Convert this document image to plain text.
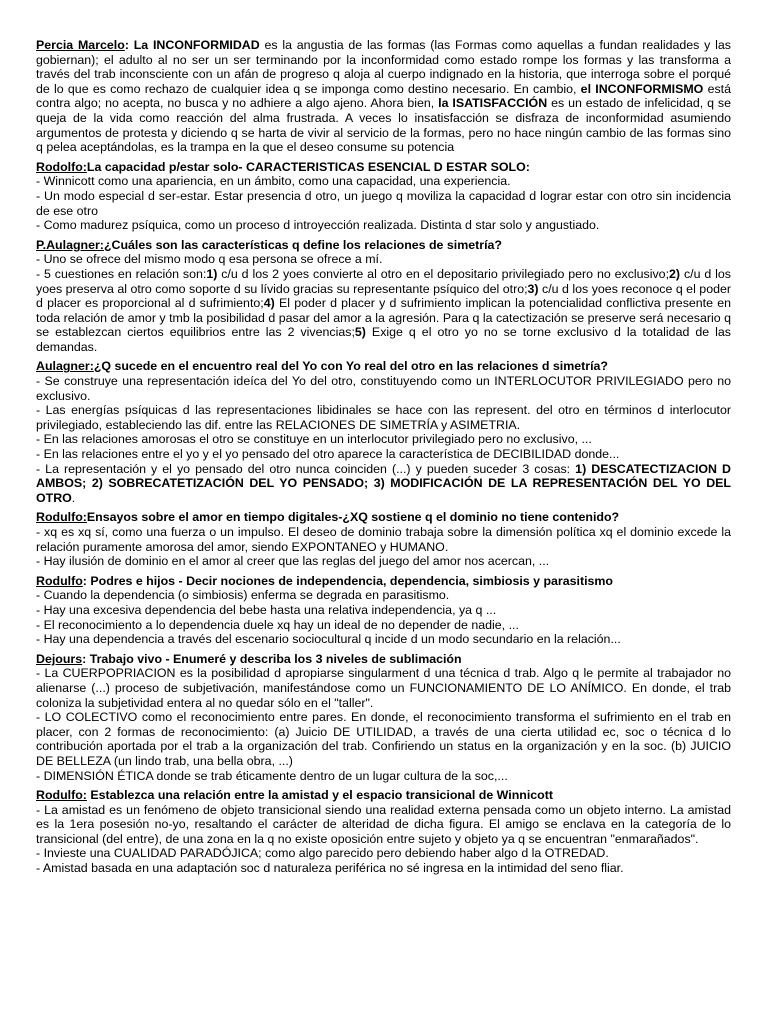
Percia Marcelo: La INCONFORMIDAD es la angustia de las formas (las Formas como aquellas a fundan realidades y las gobiernan); el adulto al no ser un ser terminando por la inconformidad como estado rompe los formas y las transforma a través del trab inconsciente con un afán de progreso q aloja al cuerpo indignado en la historia, que interroga sobre el porqué de lo que es como rechazo de cualquier idea q se imponga como destino necesario. En cambio, el INCONFORMISMO está contra algo; no acepta, no busca y no adhiere a algo ajeno. Ahora bien, la ISATISFACCIÓN es un estado de infelicidad, q se queja de la vida como reacción del alma frustrada. A veces lo insatisfacción se disfraza de inconformidad asumiendo argumentos de protesta y diciendo q se harta de vivir al servicio de la formas, pero no hace ningún cambio de las formas sino q pelea aceptándolas, es la trampa en la que el deseo consume su potencia

Rodolfo:La capacidad p/estar solo- CARACTERISTICAS ESENCIAL D ESTAR SOLO:

- Winnicott como una apariencia, en un ámbito, como una capacidad, una experiencia.

- Un modo especial d ser-estar. Estar presencia d otro, un juego q moviliza la capacidad d lograr estar con otro sin incidencia de ese otro

- Como madurez psíquica, como un proceso d introyección realizada. Distinta d star solo y angustiado.

P.Aulagner:¿Cuáles son las características q define los relaciones de simetría?

- Uno se ofrece del mismo modo q esa persona se ofrece a mí.

- 5 cuestiones en relación son:1) c/u d los 2 yoes convierte al otro en el depositario privilegiado pero no exclusivo;2) c/u d los yoes preserva al otro como soporte d su lívido gracias su representante psíquico del otro;3) c/u d los yoes reconoce q el poder d placer es proporcional al d sufrimiento;4) El poder d placer y d sufrimiento implican la potencialidad conflictiva presente en toda relación de amor y tmb la posibilidad d pasar del amor a la agresión. Para q la catectización se preserve será necesario q se establezcan ciertos equilibrios entre las 2 vivencias;5) Exige q el otro yo no se torne exclusivo d la totalidad de las demandas.

Aulagner:¿Q sucede en el encuentro real del Yo con Yo real del otro en las relaciones d simetría?

- Se construye una representación ideíca del Yo del otro, constituyendo como un INTERLOCUTOR PRIVILEGIADO pero no exclusivo.

- Las energías psíquicas d las representaciones libidinales se hace con las represent. del otro en términos d interlocutor privilegiado, estableciendo las dif. entre las RELACIONES DE SIMETRÍA y ASIMETRIA.

- En las relaciones amorosas el otro se constituye en un interlocutor privilegiado pero no exclusivo, ...

- En las relaciones entre el yo y el yo pensado del otro aparece la característica de DECIBILIDAD donde...

- La representación y el yo pensado del otro nunca coinciden (...) y pueden suceder 3 cosas: 1) DESCATECTIZACION D AMBOS; 2) SOBRECATETIZACIÓN DEL YO PENSADO; 3) MODIFICACIÓN DE LA REPRESENTACIÓN DEL YO DEL OTRO.

Rodulfo:Ensayos sobre el amor en tiempo digitales-¿XQ sostiene q el dominio no tiene contenido?

- xq es xq sí, como una fuerza o un impulso. El deseo de dominio trabaja sobre la dimensión política xq el dominio excede la relación puramente amorosa del amor, siendo EXPONTANEO y HUMANO.

- Hay ilusión de dominio en el amor al creer que las reglas del juego del amor nos acercan, ...

Rodulfo: Podres e hijos - Decir nociones de independencia, dependencia, simbiosis y parasitismo

- Cuando la dependencia (o simbiosis) enferma se degrada en parasitismo.

- Hay una excesiva dependencia del bebe hasta una relativa independencia, ya q ...

- El reconocimiento a lo dependencia duele xq hay un ideal de no depender de nadie, ...

- Hay una dependencia a través del escenario sociocultural q incide d un modo secundario en la relación...

Dejours: Trabajo vivo - Enumeré y describa los 3 niveles de sublimación

- La CUERPOPRIACION es la posibilidad d apropiarse singularment d una técnica d trab. Algo q le permite al trabajador no alienarse (...) proceso de subjetivación, manifestándose como un FUNCIONAMIENTO DE LO ANÍMICO. En donde, el trab coloniza la subjetividad entera al no quedar sólo en el "taller".

- LO COLECTIVO como el reconocimiento entre pares. En donde, el reconocimiento transforma el sufrimiento en el trab en placer, con 2 formas de reconocimiento: (a) Juicio DE UTILIDAD, a través de una cierta utilidad ec, soc o técnica d lo contribución aportada por el trab a la organización del trab. Confiriendo un status en la organización y en la soc. (b) JUICIO DE BELLEZA (un lindo trab, una bella obra, ...)

- DIMENSIÓN ÉTICA donde se trab éticamente dentro de un lugar cultura de la soc,...

Rodulfo: Establezca una relación entre la amistad y el espacio transicional de Winnicott

- La amistad es un fenómeno de objeto transicional siendo una realidad externa pensada como un objeto interno. La amistad es la 1era posesión no-yo, resaltando el carácter de alteridad de dicha figura. El amigo se enclava en la categoría de lo transicional (del entre), de una zona en la q no existe oposición entre sujeto y objeto ya q se encuentran "enmarañados".

- Invieste una CUALIDAD PARADÓJICA; como algo parecido pero debiendo haber algo d la OTREDAD.

- Amistad basada en una adaptación soc d naturaleza periférica no sé ingresa en la intimidad del seno fliar.
